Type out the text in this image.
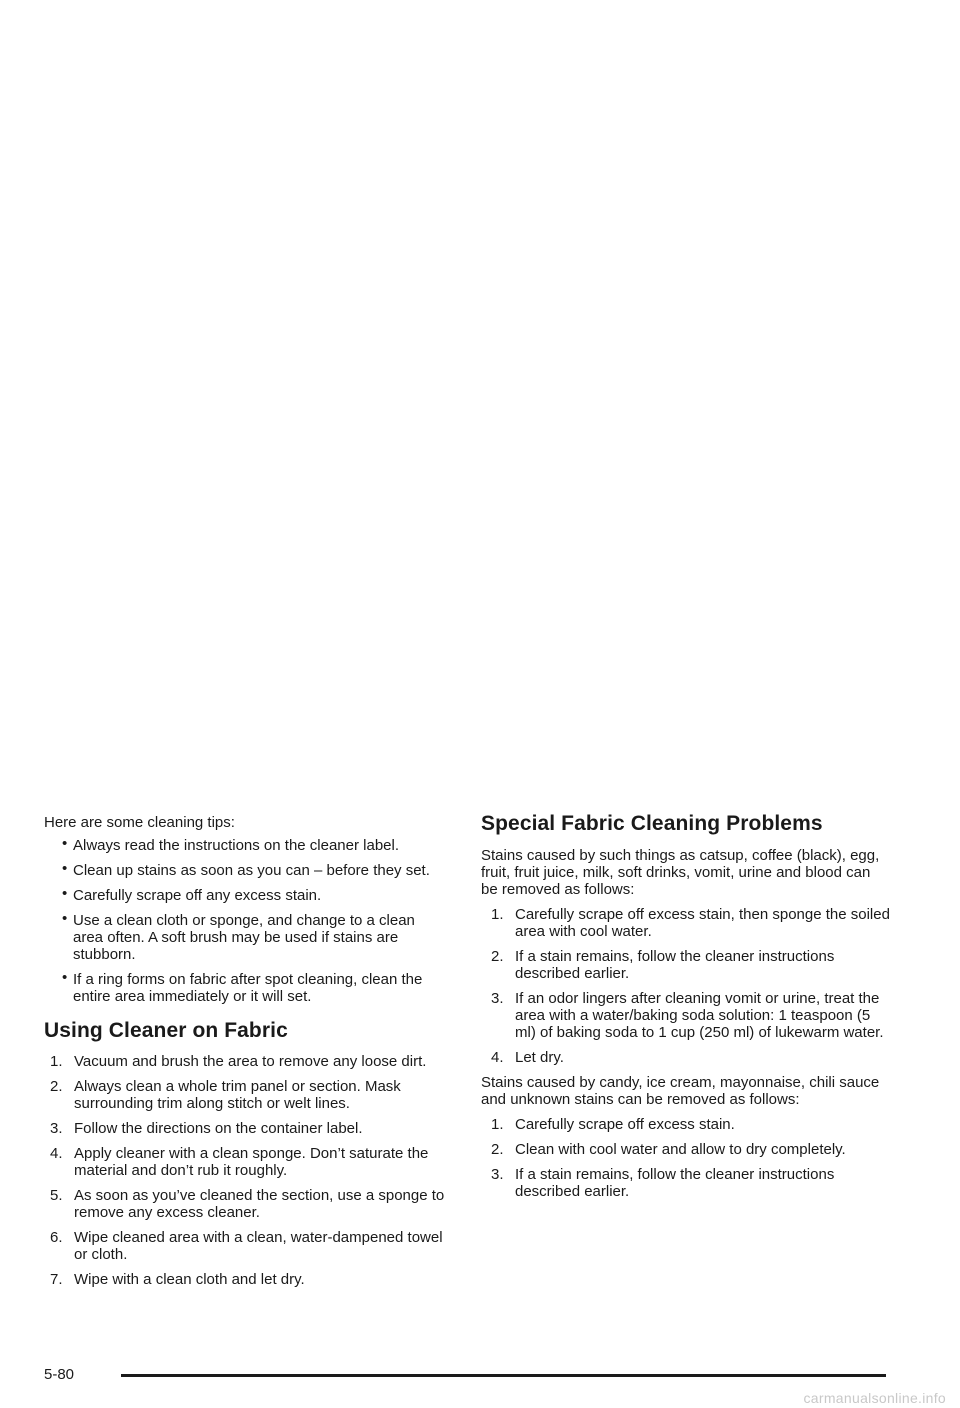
Here are some cleaning tips:

• Always read the instructions on the cleaner label.
• Clean up stains as soon as you can – before they set.
• Carefully scrape off any excess stain.
• Use a clean cloth or sponge, and change to a clean area often. A soft brush may be used if stains are stubborn.
• If a ring forms on fabric after spot cleaning, clean the entire area immediately or it will set.
Using Cleaner on Fabric
1. Vacuum and brush the area to remove any loose dirt.
2. Always clean a whole trim panel or section. Mask surrounding trim along stitch or welt lines.
3. Follow the directions on the container label.
4. Apply cleaner with a clean sponge. Don’t saturate the material and don’t rub it roughly.
5. As soon as you’ve cleaned the section, use a sponge to remove any excess cleaner.
6. Wipe cleaned area with a clean, water-dampened towel or cloth.
7. Wipe with a clean cloth and let dry.
Special Fabric Cleaning Problems

Stains caused by such things as catsup, coffee (black), egg, fruit, fruit juice, milk, soft drinks, vomit, urine and blood can be removed as follows:

1. Carefully scrape off excess stain, then sponge the soiled area with cool water.
2. If a stain remains, follow the cleaner instructions described earlier.
3. If an odor lingers after cleaning vomit or urine, treat the area with a water/baking soda solution: 1 teaspoon (5 ml) of baking soda to 1 cup (250 ml) of lukewarm water.
4. Let dry.

Stains caused by candy, ice cream, mayonnaise, chili sauce and unknown stains can be removed as follows:

1. Carefully scrape off excess stain.
2. Clean with cool water and allow to dry completely.
3. If a stain remains, follow the cleaner instructions described earlier.
5-80
carmanualsonline.info
